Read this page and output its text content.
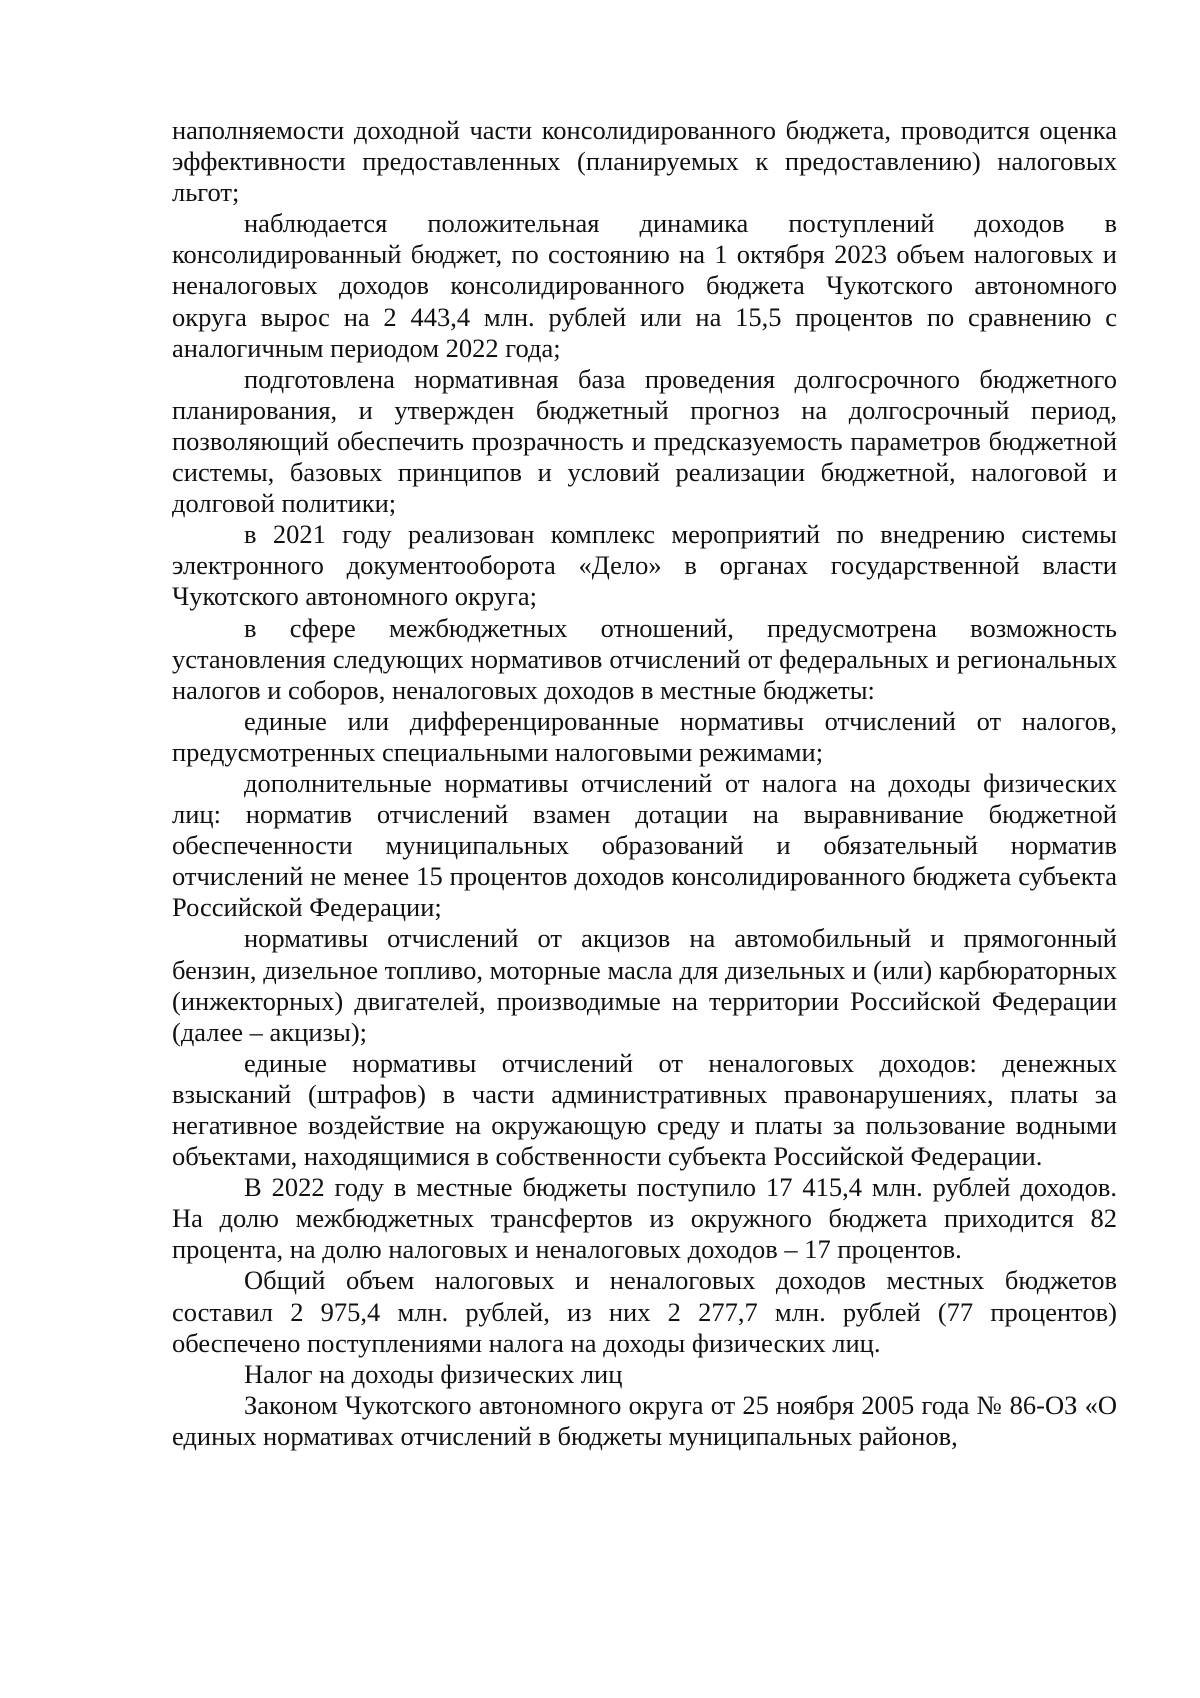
наполняемости доходной части консолидированного бюджета, проводится оценка эффективности предоставленных (планируемых к предоставлению) налоговых льгот;

наблюдается положительная динамика поступлений доходов в консолидированный бюджет, по состоянию на 1 октября 2023 объем налоговых и неналоговых доходов консолидированного бюджета Чукотского автономного округа вырос на 2 443,4 млн. рублей или на 15,5 процентов по сравнению с аналогичным периодом 2022 года;

подготовлена нормативная база проведения долгосрочного бюджетного планирования, и утвержден бюджетный прогноз на долгосрочный период, позволяющий обеспечить прозрачность и предсказуемость параметров бюджетной системы, базовых принципов и условий реализации бюджетной, налоговой и долговой политики;

в 2021 году реализован комплекс мероприятий по внедрению системы электронного документооборота «Дело» в органах государственной власти Чукотского автономного округа;

в сфере межбюджетных отношений, предусмотрена возможность установления следующих нормативов отчислений от федеральных и региональных налогов и соборов, неналоговых доходов в местные бюджеты:

единые или дифференцированные нормативы отчислений от налогов, предусмотренных специальными налоговыми режимами;

дополнительные нормативы отчислений от налога на доходы физических лиц: норматив отчислений взамен дотации на выравнивание бюджетной обеспеченности муниципальных образований и обязательный норматив отчислений не менее 15 процентов доходов консолидированного бюджета субъекта Российской Федерации;

нормативы отчислений от акцизов на автомобильный и прямогонный бензин, дизельное топливо, моторные масла для дизельных и (или) карбюраторных (инжекторных) двигателей, производимые на территории Российской Федерации (далее – акцизы);

единые нормативы отчислений от неналоговых доходов: денежных взысканий (штрафов) в части административных правонарушениях, платы за негативное воздействие на окружающую среду и платы за пользование водными объектами, находящимися в собственности субъекта Российской Федерации.

В 2022 году в местные бюджеты поступило 17 415,4 млн. рублей доходов. На долю межбюджетных трансфертов из окружного бюджета приходится 82 процента, на долю налоговых и неналоговых доходов – 17 процентов.

Общий объем налоговых и неналоговых доходов местных бюджетов составил 2 975,4 млн. рублей, из них 2 277,7 млн. рублей (77 процентов) обеспечено поступлениями налога на доходы физических лиц.

Налог на доходы физических лиц

Законом Чукотского автономного округа от 25 ноября 2005 года № 86-ОЗ «О единых нормативах отчислений в бюджеты муниципальных районов,
